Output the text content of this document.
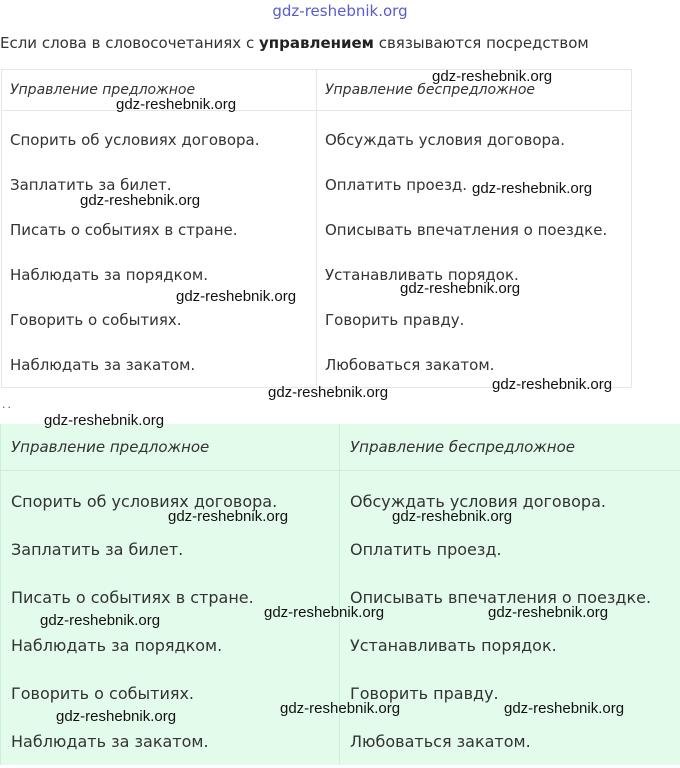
gdz-reshebnik.org
Если слова в словосочетаниях с управлением связываются посредством
Управление предложное	Управление беспредложное
Спорить об условиях договора.	Обсуждать условия договора.
Заплатить за билет.	Оплатить проезд.
Писать о событиях в стране.	Описывать впечатления о поездке.
Наблюдать за порядком.	Устанавливать порядок.
Говорить о событиях.	Говорить правду.
Наблюдать за закатом.	Любоваться закатом.
..
Управление предложное	Управление беспредложное
Спорить об условиях договора.	Обсуждать условия договора.
Заплатить за билет.	Оплатить проезд.
Писать о событиях в стране.	Описывать впечатления о поездке.
Наблюдать за порядком.	Устанавливать порядок.
Говорить о событиях.	Говорить правду.
Наблюдать за закатом.	Любоваться закатом.
gdz-reshebnik.org
gdz-reshebnik.org
gdz-reshebnik.org
gdz-reshebnik.org
gdz-reshebnik.org	gdz-reshebnik.org
gdz-reshebnik.org	gdz-reshebnik.org
gdz-reshebnik.org
gdz-reshebnik.org	gdz-reshebnik.org
gdz-reshebnik.org	gdz-reshebnik.org	gdz-reshebnik.org
gdz-reshebnik.org	gdz-reshebnik.org	gdz-reshebnik.org
